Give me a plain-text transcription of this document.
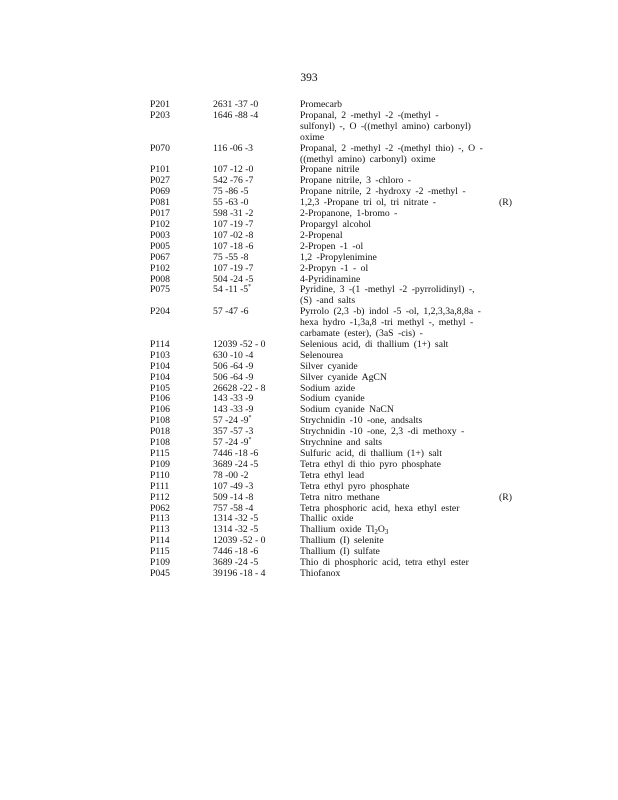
393
P201	2631 -37 -0	Promecarb
P203	1646 -88 -4	Propanal, 2 -methyl -2 -(methyl -
sulfonyl) -, O -((methyl amino) carbonyl)
oxime
P070	116 -06 -3	Propanal, 2 -methyl -2 -(methyl thio) -, O -
((methyl amino) carbonyl) oxime
P101	107 -12 -0	Propane nitrile
P027	542 -76 -7	Propane nitrile, 3 -chloro -
P069	75 -86 -5	Propane nitrile, 2 -hydroxy -2 -methyl -
P081	55 -63 -0	1,2,3 -Propane tri ol, tri nitrate -	(R)
P017	598 -31 -2	2-Propanone, 1-bromo -
P102	107 -19 -7	Propargyl alcohol
P003	107 -02 -8	2-Propenal
P005	107 -18 -6	2-Propen -1 -ol
P067	75 -55 -8	1,2 -Propylenimine
P102	107 -19 -7	2-Propyn -1 - ol
P008	504 -24 -5	4-Pyridinamine
P075	54 -11 -5*	Pyridine, 3 -(1 -methyl -2 -pyrrolidinyl) -,
(S) -and salts
P204	57 -47 -6	Pyrrolo (2,3 -b) indol -5 -ol, 1,2,3,3a,8,8a -
hexa hydro -1,3a,8 -tri methyl -, methyl -
carbamate (ester), (3aS -cis) -
P114	12039 -52 - 0	Selenious acid, di thallium (1+) salt
P103	630 -10 -4	Selenourea
P104	506 -64 -9	Silver cyanide
P104	506 -64 -9	Silver cyanide AgCN
P105	26628 -22 - 8	Sodium azide
P106	143 -33 -9	Sodium cyanide
P106	143 -33 -9	Sodium cyanide NaCN
P108	57 -24 -9*	Strychnidin -10 -one, andsalts
P018	357 -57 -3	Strychnidin -10 -one, 2,3 -di methoxy -
P108	57 -24 -9*	Strychnine and salts
P115	7446 -18 -6	Sulfuric acid, di thallium (1+) salt
P109	3689 -24 -5	Tetra ethyl di thio pyro phosphate
P110	78 -00 -2	Tetra ethyl lead
P111	107 -49 -3	Tetra ethyl pyro phosphate
P112	509 -14 -8	Tetra nitro methane	(R)
P062	757 -58 -4	Tetra phosphoric acid, hexa ethyl ester
P113	1314 -32 -5	Thallic oxide
P113	1314 -32 -5	Thallium oxide $Tl_2O_3$
P114	12039 -52 - 0	Thallium (I) selenite
P115	7446 -18 -6	Thallium (I) sulfate
P109	3689 -24 -5	Thio di phosphoric acid, tetra ethyl ester
P045	39196 -18 - 4	Thiofanox
